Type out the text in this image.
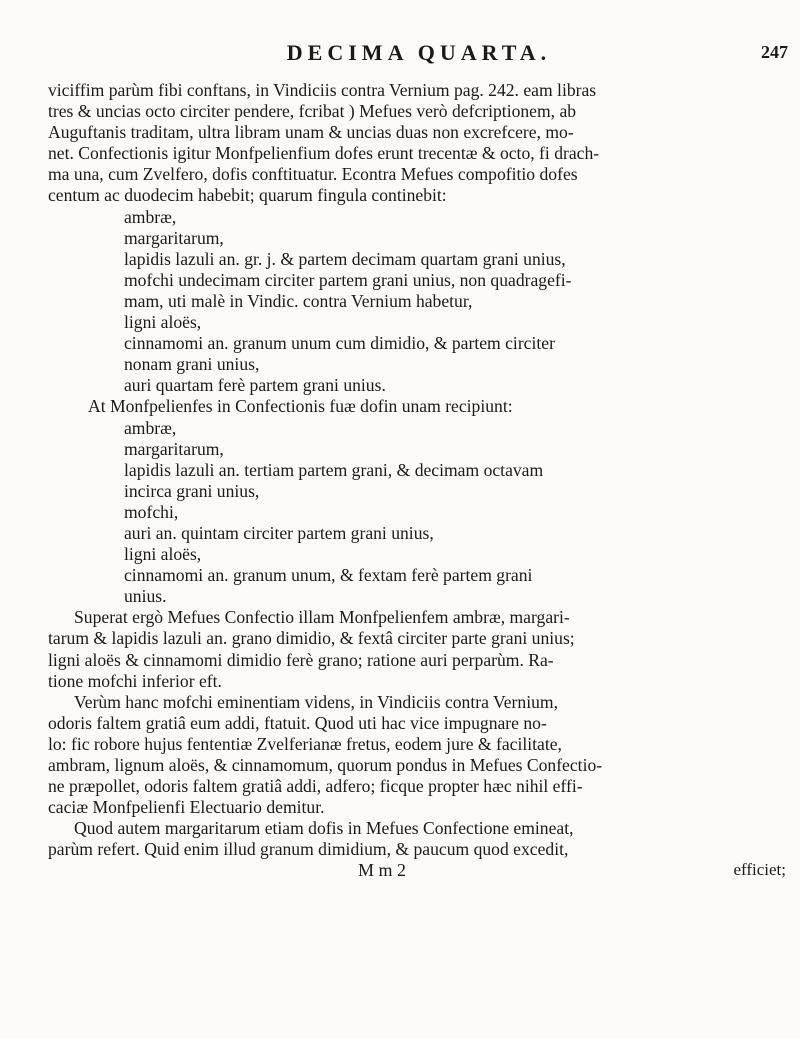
DECIMA QUARTA.	247
viciffim parùm fibi conftans, in Vindiciis contra Vernium pag. 242. eam libras
tres & uncias octo circiter pendere, fcribat ) Mefues verò defcriptionem, ab
Auguftanis traditam, ultra libram unam & uncias duas non excrefcere, mo-
net. Confectionis igitur Monfpelienfium dofes erunt trecentæ & octo, fi drach-
ma una, cum Zvelfero, dofis conftituatur. Econtra Mefues compofitio dofes
centum ac duodecim habebit; quarum fingula continebit:
ambræ,
margaritarum,
lapidis lazuli an. gr. j. & partem decimam quartam grani unius,
mofchi undecimam circiter partem grani unius, non quadragefi-
mam, uti malè in Vindic. contra Vernium habetur,
ligni aloës,
cinnamomi an. granum unum cum dimidio, & partem circiter
nonam grani unius,
auri quartam ferè partem grani unius.
At Monfpelienfes in Confectionis fuæ dofin unam recipiunt:
ambræ,
margaritarum,
lapidis lazuli an. tertiam partem grani, & decimam octavam
incirca grani unius,
mofchi,
auri an. quintam circiter partem grani unius,
ligni aloës,
cinnamomi an. granum unum, & fextam ferè partem grani
unius.
Superat ergò Mefues Confectio illam Monfpelienfem ambræ, margari-
tarum & lapidis lazuli an. grano dimidio, & fextâ circiter parte grani unius;
ligni aloës & cinnamomi dimidio ferè grano; ratione auri perparùm. Ra-
tione mofchi inferior eft.
Verùm hanc mofchi eminentiam videns, in Vindiciis contra Vernium,
odoris faltem gratiâ eum addi, ftatuit. Quod uti hac vice impugnare no-
lo: fic robore hujus fententiæ Zvelferianæ fretus, eodem jure & facilitate,
ambram, lignum aloës, & cinnamomum, quorum pondus in Mefues Confectio-
ne præpollet, odoris faltem gratiâ addi, adfero; ficque propter hæc nihil effi-
caciæ Monfpelienfi Electuario demitur.
Quod autem margaritarum etiam dofis in Mefues Confectione emineat,
parùm refert. Quid enim illud granum dimidium, & paucum quod excedit,
M m 2	efficiet;
